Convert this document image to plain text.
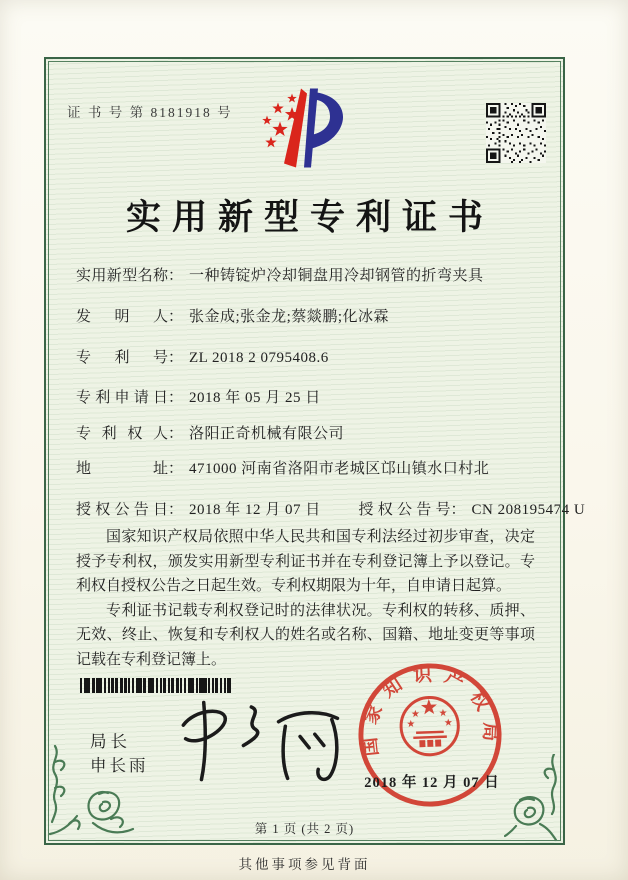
证 书 号 第 8181918 号
实用新型专利证书
实用新型名称： 一种铸锭炉冷却铜盘用冷却钢管的折弯夹具
发明人： 张金成;张金龙;蔡燚鹏;化冰霖
专利号： ZL 2018 2 0795408.6
专利申请日： 2018 年 05 月 25 日
专利权人： 洛阳正奇机械有限公司
地址： 471000 河南省洛阳市老城区邙山镇水口村北
授权公告日： 2018 年 12 月 07 日	授权公告号： CN 208195474 U

国家知识产权局依照中华人民共和国专利法经过初步审查，决定授予专利权，颁发实用新型专利证书并在专利登记簿上予以登记。专利权自授权公告之日起生效。专利权期限为十年，自申请日起算。

专利证书记载专利权登记时的法律状况。专利权的转移、质押、无效、终止、恢复和专利权人的姓名或名称、国籍、地址变更等事项记载在专利登记簿上。

局长
申长雨
国家知识产权局
2018 年 12 月 07 日
第 1 页 (共 2 页)
其他事项参见背面
